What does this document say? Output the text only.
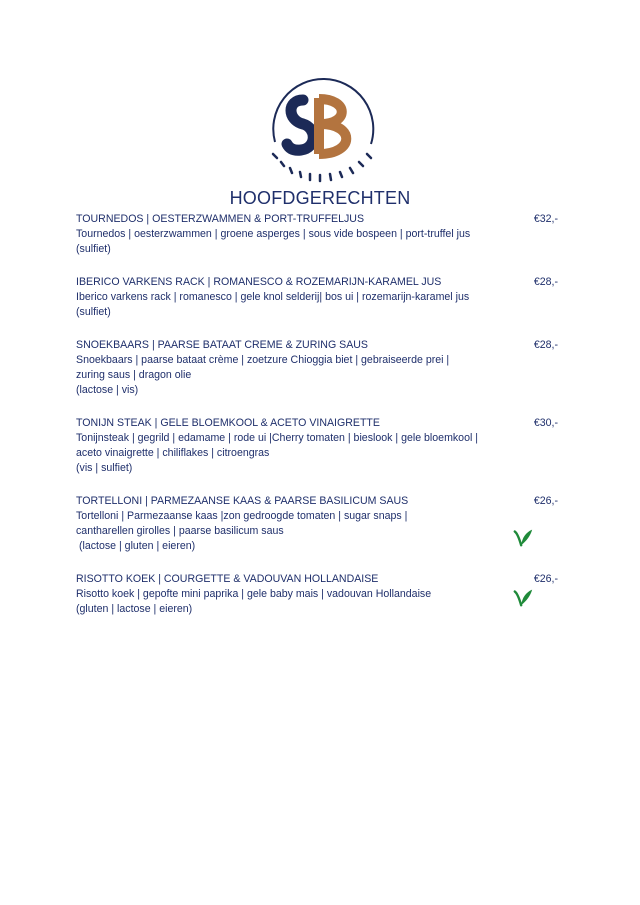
HOOFDGERECHTEN
TOURNEDOS | OESTERZWAMMEN & PORT-TRUFFELJUS	€32,-
Tournedos | oesterzwammen | groene asperges | sous vide bospeen | port-truffel jus
(sulfiet)
IBERICO VARKENS RACK | ROMANESCO & ROZEMARIJN-KARAMEL JUS	€28,-
Iberico varkens rack | romanesco | gele knol selderij| bos ui | rozemarijn-karamel jus
(sulfiet)
SNOEKBAARS | PAARSE BATAAT CREME & ZURING SAUS	€28,-
Snoekbaars | paarse bataat crème | zoetzure Chioggia biet | gebraiseerde prei |
zuring saus | dragon olie
(lactose | vis)
TONIJN STEAK | GELE BLOEMKOOL & ACETO VINAIGRETTE	€30,-
Tonijnsteak | gegrild | edamame | rode ui |Cherry tomaten | bieslook | gele bloemkool |
aceto vinaigrette | chiliflakes | citroengras
(vis | sulfiet)
TORTELLONI | PARMEZAANSE KAAS & PAARSE BASILICUM SAUS	€26,-
Tortelloni | Parmezaanse kaas |zon gedroogde tomaten | sugar snaps |
cantharellen girolles | paarse basilicum saus
(lactose | gluten | eieren)
RISOTTO KOEK | COURGETTE & VADOUVAN HOLLANDAISE	€26,-
Risotto koek | gepofte mini paprika | gele baby mais | vadouvan Hollandaise
(gluten | lactose | eieren)
